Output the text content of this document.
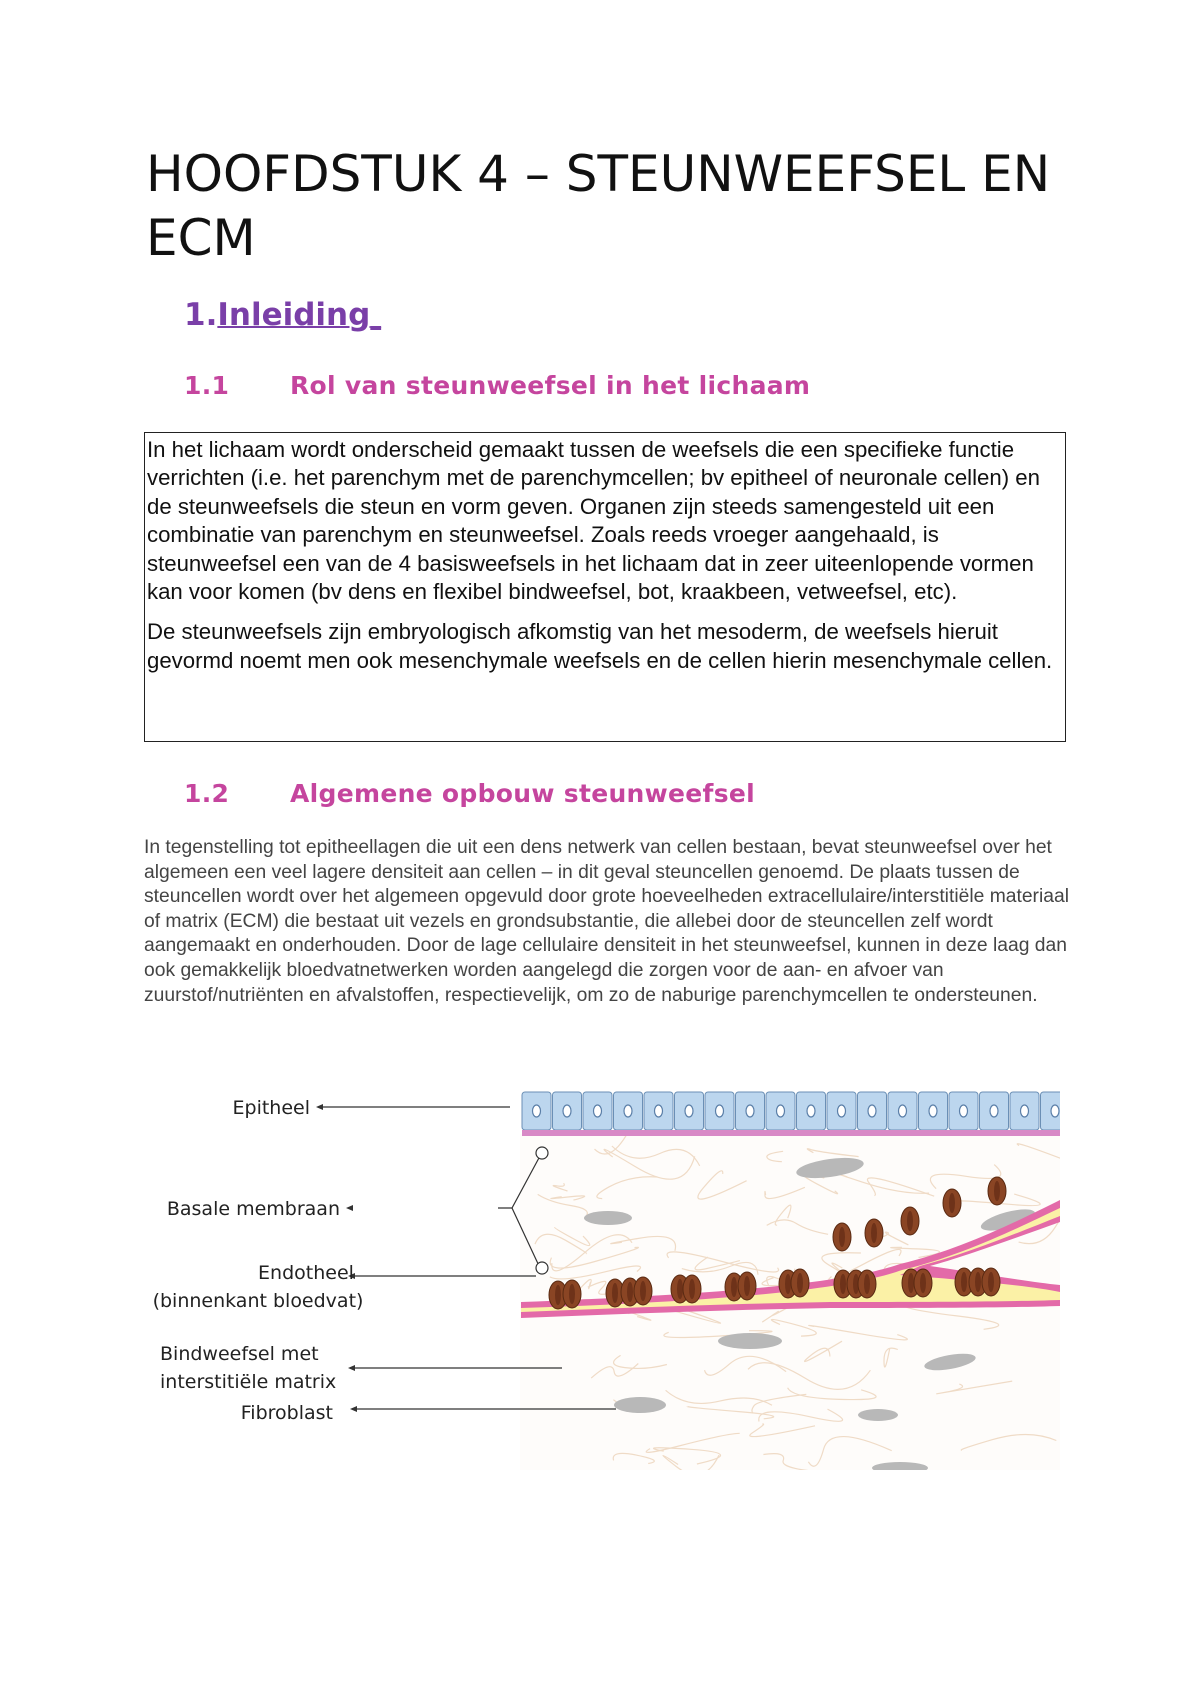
HOOFDSTUK 4 – STEUNWEEFSEL EN ECM
1.Inleiding
1.1 Rol van steunweefsel in het lichaam

In het lichaam wordt onderscheid gemaakt tussen de weefsels die een specifieke functie verrichten (i.e. het parenchym met de parenchymcellen; bv epitheel of neuronale cellen) en de steunweefsels die steun en vorm geven. Organen zijn steeds samengesteld uit een combinatie van parenchym en steunweefsel. Zoals reeds vroeger aangehaald, is steunweefsel een van de 4 basisweefsels in het lichaam dat in zeer uiteenlopende vormen kan voor komen (bv dens en flexibel bindweefsel, bot, kraakbeen, vetweefsel, etc).

De steunweefsels zijn embryologisch afkomstig van het mesoderm, de weefsels hieruit gevormd noemt men ook mesenchymale weefsels en de cellen hierin mesenchymale cellen.

1.2 Algemene opbouw steunweefsel

In tegenstelling tot epitheellagen die uit een dens netwerk van cellen bestaan, bevat steunweefsel over het algemeen een veel lagere densiteit aan cellen – in dit geval steuncellen genoemd. De plaats tussen de steuncellen wordt over het algemeen opgevuld door grote hoeveelheden extracellulaire/interstitiële materiaal of matrix (ECM) die bestaat uit vezels en grondsubstantie, die allebei door de steuncellen zelf wordt aangemaakt en onderhouden. Door de lage cellulaire densiteit in het steunweefsel, kunnen in deze laag dan ook gemakkelijk bloedvatnetwerken worden aangelegd die zorgen voor de aan- en afvoer van zuurstof/nutriënten en afvalstoffen, respectievelijk, om zo de naburige parenchymcellen te ondersteunen.

Epitheel
Basale membraan
Endotheel
(binnenkant bloedvat)
Bindweefsel met
interstitiële matrix
Fibroblast
